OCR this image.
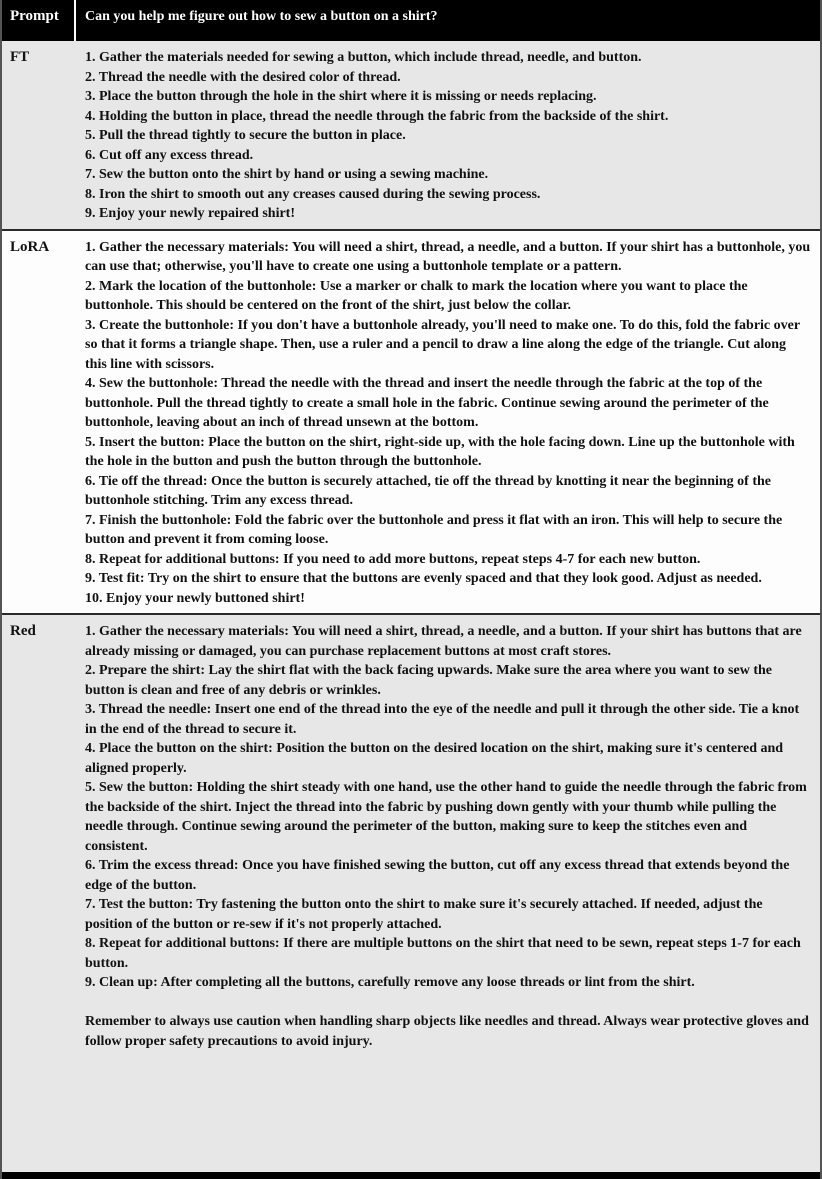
Prompt	Can you help me figure out how to sew a button on a shirt?
FT	1. Gather the materials needed for sewing a button, which include thread, needle, and button.

2. Thread the needle with the desired color of thread.

3. Place the button through the hole in the shirt where it is missing or needs replacing.

4. Holding the button in place, thread the needle through the fabric from the backside of the shirt.

5. Pull the thread tightly to secure the button in place.

6. Cut off any excess thread.

7. Sew the button onto the shirt by hand or using a sewing machine.

8. Iron the shirt to smooth out any creases caused during the sewing process.

9. Enjoy your newly repaired shirt!

LoRA	1. Gather the necessary materials: You will need a shirt, thread, a needle, and a button. If your shirt has a buttonhole, you can use that; otherwise, you'll have to create one using a buttonhole template or a pattern.

2. Mark the location of the buttonhole: Use a marker or chalk to mark the location where you want to place the buttonhole. This should be centered on the front of the shirt, just below the collar.

3. Create the buttonhole: If you don't have a buttonhole already, you'll need to make one. To do this, fold the fabric over so that it forms a triangle shape. Then, use a ruler and a pencil to draw a line along the edge of the triangle. Cut along this line with scissors.

4. Sew the buttonhole: Thread the needle with the thread and insert the needle through the fabric at the top of the buttonhole. Pull the thread tightly to create a small hole in the fabric. Continue sewing around the perimeter of the buttonhole, leaving about an inch of thread unsewn at the bottom.

5. Insert the button: Place the button on the shirt, right-side up, with the hole facing down. Line up the buttonhole with the hole in the button and push the button through the buttonhole.

6. Tie off the thread: Once the button is securely attached, tie off the thread by knotting it near the beginning of the buttonhole stitching. Trim any excess thread.

7. Finish the buttonhole: Fold the fabric over the buttonhole and press it flat with an iron. This will help to secure the button and prevent it from coming loose.

8. Repeat for additional buttons: If you need to add more buttons, repeat steps 4-7 for each new button.

9. Test fit: Try on the shirt to ensure that the buttons are evenly spaced and that they look good. Adjust as needed.

10. Enjoy your newly buttoned shirt!

Red	1. Gather the necessary materials: You will need a shirt, thread, a needle, and a button. If your shirt has buttons that are already missing or damaged, you can purchase replacement buttons at most craft stores.

2. Prepare the shirt: Lay the shirt flat with the back facing upwards. Make sure the area where you want to sew the button is clean and free of any debris or wrinkles.

3. Thread the needle: Insert one end of the thread into the eye of the needle and pull it through the other side. Tie a knot in the end of the thread to secure it.

4. Place the button on the shirt: Position the button on the desired location on the shirt, making sure it's centered and aligned properly.

5. Sew the button: Holding the shirt steady with one hand, use the other hand to guide the needle through the fabric from the backside of the shirt. Inject the thread into the fabric by pushing down gently with your thumb while pulling the needle through. Continue sewing around the perimeter of the button, making sure to keep the stitches even and consistent.

6. Trim the excess thread: Once you have finished sewing the button, cut off any excess thread that extends beyond the edge of the button.

7. Test the button: Try fastening the button onto the shirt to make sure it's securely attached. If needed, adjust the position of the button or re-sew if it's not properly attached.

8. Repeat for additional buttons: If there are multiple buttons on the shirt that need to be sewn, repeat steps 1-7 for each button.

9. Clean up: After completing all the buttons, carefully remove any loose threads or lint from the shirt.

Remember to always use caution when handling sharp objects like needles and thread. Always wear protective gloves and follow proper safety precautions to avoid injury.
